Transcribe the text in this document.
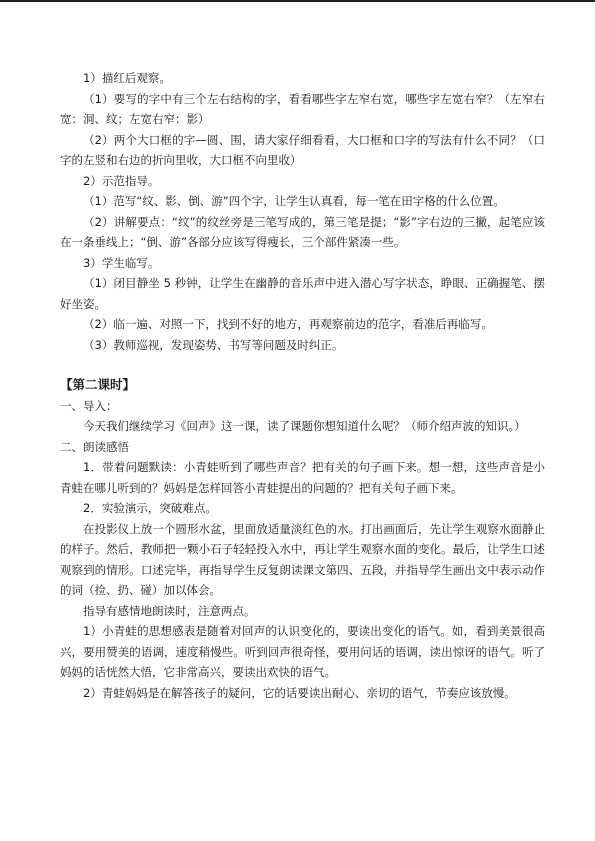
1）描红后观察。

（1）要写的字中有三个左右结构的字，看看哪些字左窄右宽，哪些字左宽右窄？（左窄右宽：洞、纹；左宽右窄：影）

（2）两个大口框的字—圆、围，请大家仔细看看，大口框和口字的写法有什么不同？（口字的左竖和右边的折向里收，大口框不向里收）

2）示范指导。

（1）范写“纹、影、倒、游”四个字，让学生认真看，每一笔在田字格的什么位置。

（2）讲解要点：“纹”的纹丝旁是三笔写成的，第三笔是提；“影”字右边的三撇，起笔应该在一条垂线上；“倒、游”各部分应该写得瘦长，三个部件紧凑一些。

3）学生临写。

（1）闭目静坐 5 秒钟，让学生在幽静的音乐声中进入潜心写字状态，睁眼、正确握笔、摆好坐姿。

（2）临一遍、对照一下，找到不好的地方，再观察前边的范字，看准后再临写。

（3）教师巡视，发现姿势、书写等问题及时纠正。

【第二课时】

一、导入：

今天我们继续学习《回声》这一课，读了课题你想知道什么呢？（师介绍声波的知识。）

二、朗读感悟

1．带着问题默读：小青蛙听到了哪些声音？把有关的句子画下来。想一想，这些声音是小青蛙在哪儿听到的？妈妈是怎样回答小青蛙提出的问题的？把有关句子画下来。

2．实验演示，突破难点。

在投影仪上放一个圆形水盆，里面放适量淡红色的水。打出画面后，先让学生观察水面静止的样子。然后，教师把一颗小石子轻轻投入水中，再让学生观察水面的变化。最后，让学生口述观察到的情形。口述完毕，再指导学生反复朗读课文第四、五段，并指导学生画出文中表示动作的词（捡、扔、碰）加以体会。

指导有感情地朗读时，注意两点。

1）小青蛙的思想感表是随着对回声的认识变化的，要读出变化的语气。如，看到美景很高兴，要用赞美的语调，速度稍慢些。听到回声很奇怪，要用问话的语调，读出惊讶的语气。听了妈妈的话恍然大悟，它非常高兴，要读出欢快的语气。

2）青蛙妈妈是在解答孩子的疑问，它的话要读出耐心、亲切的语气，节奏应该放慢。
